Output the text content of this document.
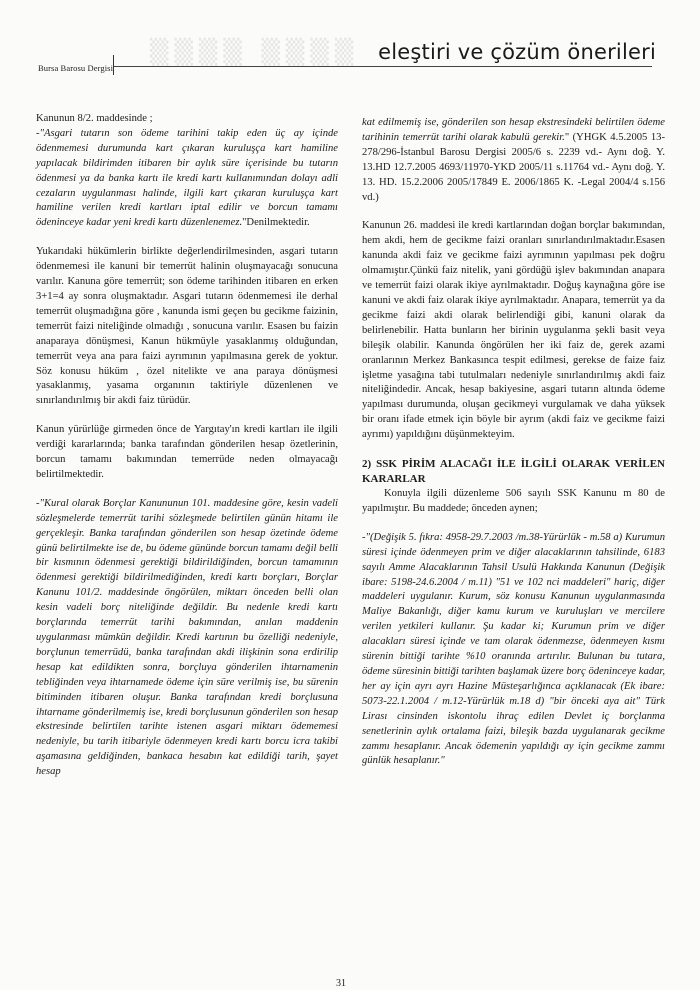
▒▒▒▒ ▒▒▒▒
Bursa Barosu Dergisi
eleştiri ve çözüm önerileri

Kanunun 8/2. maddesinde ;

-"Asgari tutarın son ödeme tarihini takip eden üç ay içinde ödenmemesi durumunda kart çıkaran kuruluşça kart hamiline yapılacak bildirimden itibaren bir aylık süre içerisinde bu tutarın ödenmesi ya da banka kartı ile kredi kartı kullanımından dolayı adli cezaların uygulanması halinde, ilgili kart çıkaran kuruluşça kart hamiline verilen kredi kartları iptal edilir ve borcun tamamı ödeninceye kadar yeni kredi kartı düzenlenemez."Denilmektedir.

Yukarıdaki hükümlerin birlikte değerlendirilmesinden, asgari tutarın ödenmemesi ile kanuni bir temerrüt halinin oluşmayacağı sonucuna varılır. Kanuna göre temerrüt; son ödeme tarihinden itibaren en erken 3+1=4 ay sonra oluşmaktadır. Asgari tutarın ödenmemesi ile derhal temerrüt oluşmadığına göre , kanunda ismi geçen bu gecikme faizinin, temerrüt faizi niteliğinde olmadığı , sonucuna varılır. Esasen bu faizin anaparaya dönüşmesi, Kanun hükmüyle yasaklanmış olduğundan, temerrüt veya ana para faizi ayrımının yapılmasına gerek de yoktur. Söz konusu hüküm , özel nitelikte ve ana paraya dönüşmesi yasaklanmış, yasama organının taktiriyle düzenlenen ve sınırlandırılmış bir akdi faiz türüdür.

Kanun yürürlüğe girmeden önce de Yargıtay'ın kredi kartları ile ilgili verdiği kararlarında; banka tarafından gönderilen hesap özetlerinin, borcun tamamı bakımından temerrüde neden olmayacağı belirtilmektedir.

-"Kural olarak Borçlar Kanununun 101. maddesine göre, kesin vadeli sözleşmelerde temerrüt tarihi sözleşmede belirtilen günün hitamı ile gerçekleşir. Banka tarafından gönderilen son hesap özetinde ödeme günü belirtilmekte ise de, bu ödeme gününde borcun tamamı değil belli bir kısmının ödenmesi gerektiği bildirildiğinden, borcun tamamının ödenmesi gerektiği bildirilmediğinden, kredi kartı borçları, Borçlar Kanunu 101/2. maddesinde öngörülen, miktarı önceden belli olan kesin vadeli borç niteliğinde değildir. Bu nedenle kredi kartı borçlarında temerrüt tarihi bakımından, anılan maddenin uygulanması mümkün değildir. Kredi kartının bu özelliği nedeniyle, borçlunun temerrüdü, banka tarafından akdi ilişkinin sona erdirilip hesap kat edildikten sonra, borçluya gönderilen ihtarnamenin tebliğinden veya ihtarnamede ödeme için süre verilmiş ise, bu sürenin bitiminden itibaren oluşur. Banka tarafından kredi borçlusuna ihtarname gönderilmemiş ise, kredi borçlusunun gönderilen son hesap ekstresinde belirtilen tarihte istenen asgari miktarı ödememesi nedeniyle, bu tarih itibariyle ödenmeyen kredi kartı borcu icra takibi aşamasına geldiğinden, bankaca hesabın kat edildiği tarih, şayet hesap

kat edilmemiş ise, gönderilen son hesap ekstresindeki belirtilen ödeme tarihinin temerrüt tarihi olarak kabulü gerekir." (YHGK 4.5.2005 13-278/296-İstanbul Barosu Dergisi 2005/6 s. 2239 vd.- Aynı doğ. Y. 13.HD 12.7.2005 4693/11970-YKD 2005/11 s.11764 vd.- Aynı doğ. Y. 13. HD. 15.2.2006 2005/17849 E. 2006/1865 K. -Legal 2004/4 s.156 vd.)

Kanunun 26. maddesi ile kredi kartlarından doğan borçlar bakımından, hem akdi, hem de gecikme faizi oranları sınırlandırılmaktadır.Esasen kanunda akdi faiz ve gecikme faizi ayrımının yapılması pek doğru olmamıştır.Çünkü faiz nitelik, yani gördüğü işlev bakımından anapara ve temerrüt faizi olarak ikiye ayrılmaktadır. Doğuş kaynağına göre ise kanuni ve akdi faiz olarak ikiye ayrılmaktadır. Anapara, temerrüt ya da gecikme faizi akdi olarak belirlendiği gibi, kanuni olarak da belirlenebilir. Hatta bunların her birinin uygulanma şekli basit veya bileşik olabilir. Kanunda öngörülen her iki faiz de, gerek azami oranlarının Merkez Bankasınca tespit edilmesi, gerekse de faize faiz işletme yasağına tabi tutulmaları nedeniyle sınırlandırılmış akdi faiz niteliğindedir. Ancak, hesap bakiyesine, asgari tutarın altında ödeme yapılması durumunda, oluşan gecikmeyi vurgulamak ve daha yüksek bir oranı ifade etmek için böyle bir ayrım (akdi faiz ve gecikme faizi ayrımı) yapıldığını düşünmekteyim.

2) SSK PİRİM ALACAĞI İLE İLGİLİ OLARAK VERİLEN KARARLAR

Konuyla ilgili düzenleme 506 sayılı SSK Kanunu m 80 de yapılmıştır. Bu maddede; önceden aynen;

-"(Değişik 5. fıkra: 4958-29.7.2003 /m.38-Yürürlük - m.58 a) Kurumun süresi içinde ödenmeyen prim ve diğer alacaklarının tahsilinde, 6183 sayılı Amme Alacaklarının Tahsil Usulü Hakkında Kanunun (Değişik ibare: 5198-24.6.2004 / m.11) "51 ve 102 nci maddeleri" hariç, diğer maddeleri uygulanır. Kurum, söz konusu Kanunun uygulanmasında Maliye Bakanlığı, diğer kamu kurum ve kuruluşları ve mercilere verilen yetkileri kullanır. Şu kadar ki; Kurumun prim ve diğer alacakları süresi içinde ve tam olarak ödenmezse, ödenmeyen kısmı sürenin bittiği tarihte %10 oranında artırılır. Bulunan bu tutara, ödeme süresinin bittiği tarihten başlamak üzere borç ödeninceye kadar, her ay için ayrı ayrı Hazine Müsteşarlığınca açıklanacak (Ek ibare: 5073-22.1.2004 / m.12-Yürürlük m.18 d) "bir önceki aya ait" Türk Lirası cinsinden iskontolu ihraç edilen Devlet iç borçlanma senetlerinin aylık ortalama faizi, bileşik bazda uygulanarak gecikme zammı hesaplanır. Ancak ödemenin yapıldığı ay için gecikme zammı günlük hesaplanır."

31
